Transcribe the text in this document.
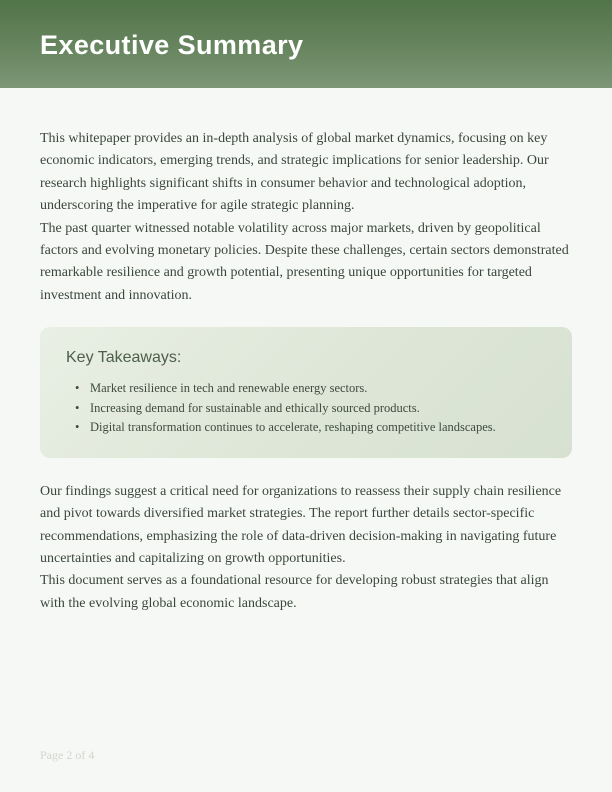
Executive Summary

This whitepaper provides an in-depth analysis of global market dynamics, focusing on key economic indicators, emerging trends, and strategic implications for senior leadership. Our research highlights significant shifts in consumer behavior and technological adoption, underscoring the imperative for agile strategic planning.

The past quarter witnessed notable volatility across major markets, driven by geopolitical factors and evolving monetary policies. Despite these challenges, certain sectors demonstrated remarkable resilience and growth potential, presenting unique opportunities for targeted investment and innovation.

Key Takeaways:
• Market resilience in tech and renewable energy sectors.
• Increasing demand for sustainable and ethically sourced products.
• Digital transformation continues to accelerate, reshaping competitive landscapes.

Our findings suggest a critical need for organizations to reassess their supply chain resilience and pivot towards diversified market strategies. The report further details sector-specific recommendations, emphasizing the role of data-driven decision-making in navigating future uncertainties and capitalizing on growth opportunities.

This document serves as a foundational resource for developing robust strategies that align with the evolving global economic landscape.

Page 2 of 4
